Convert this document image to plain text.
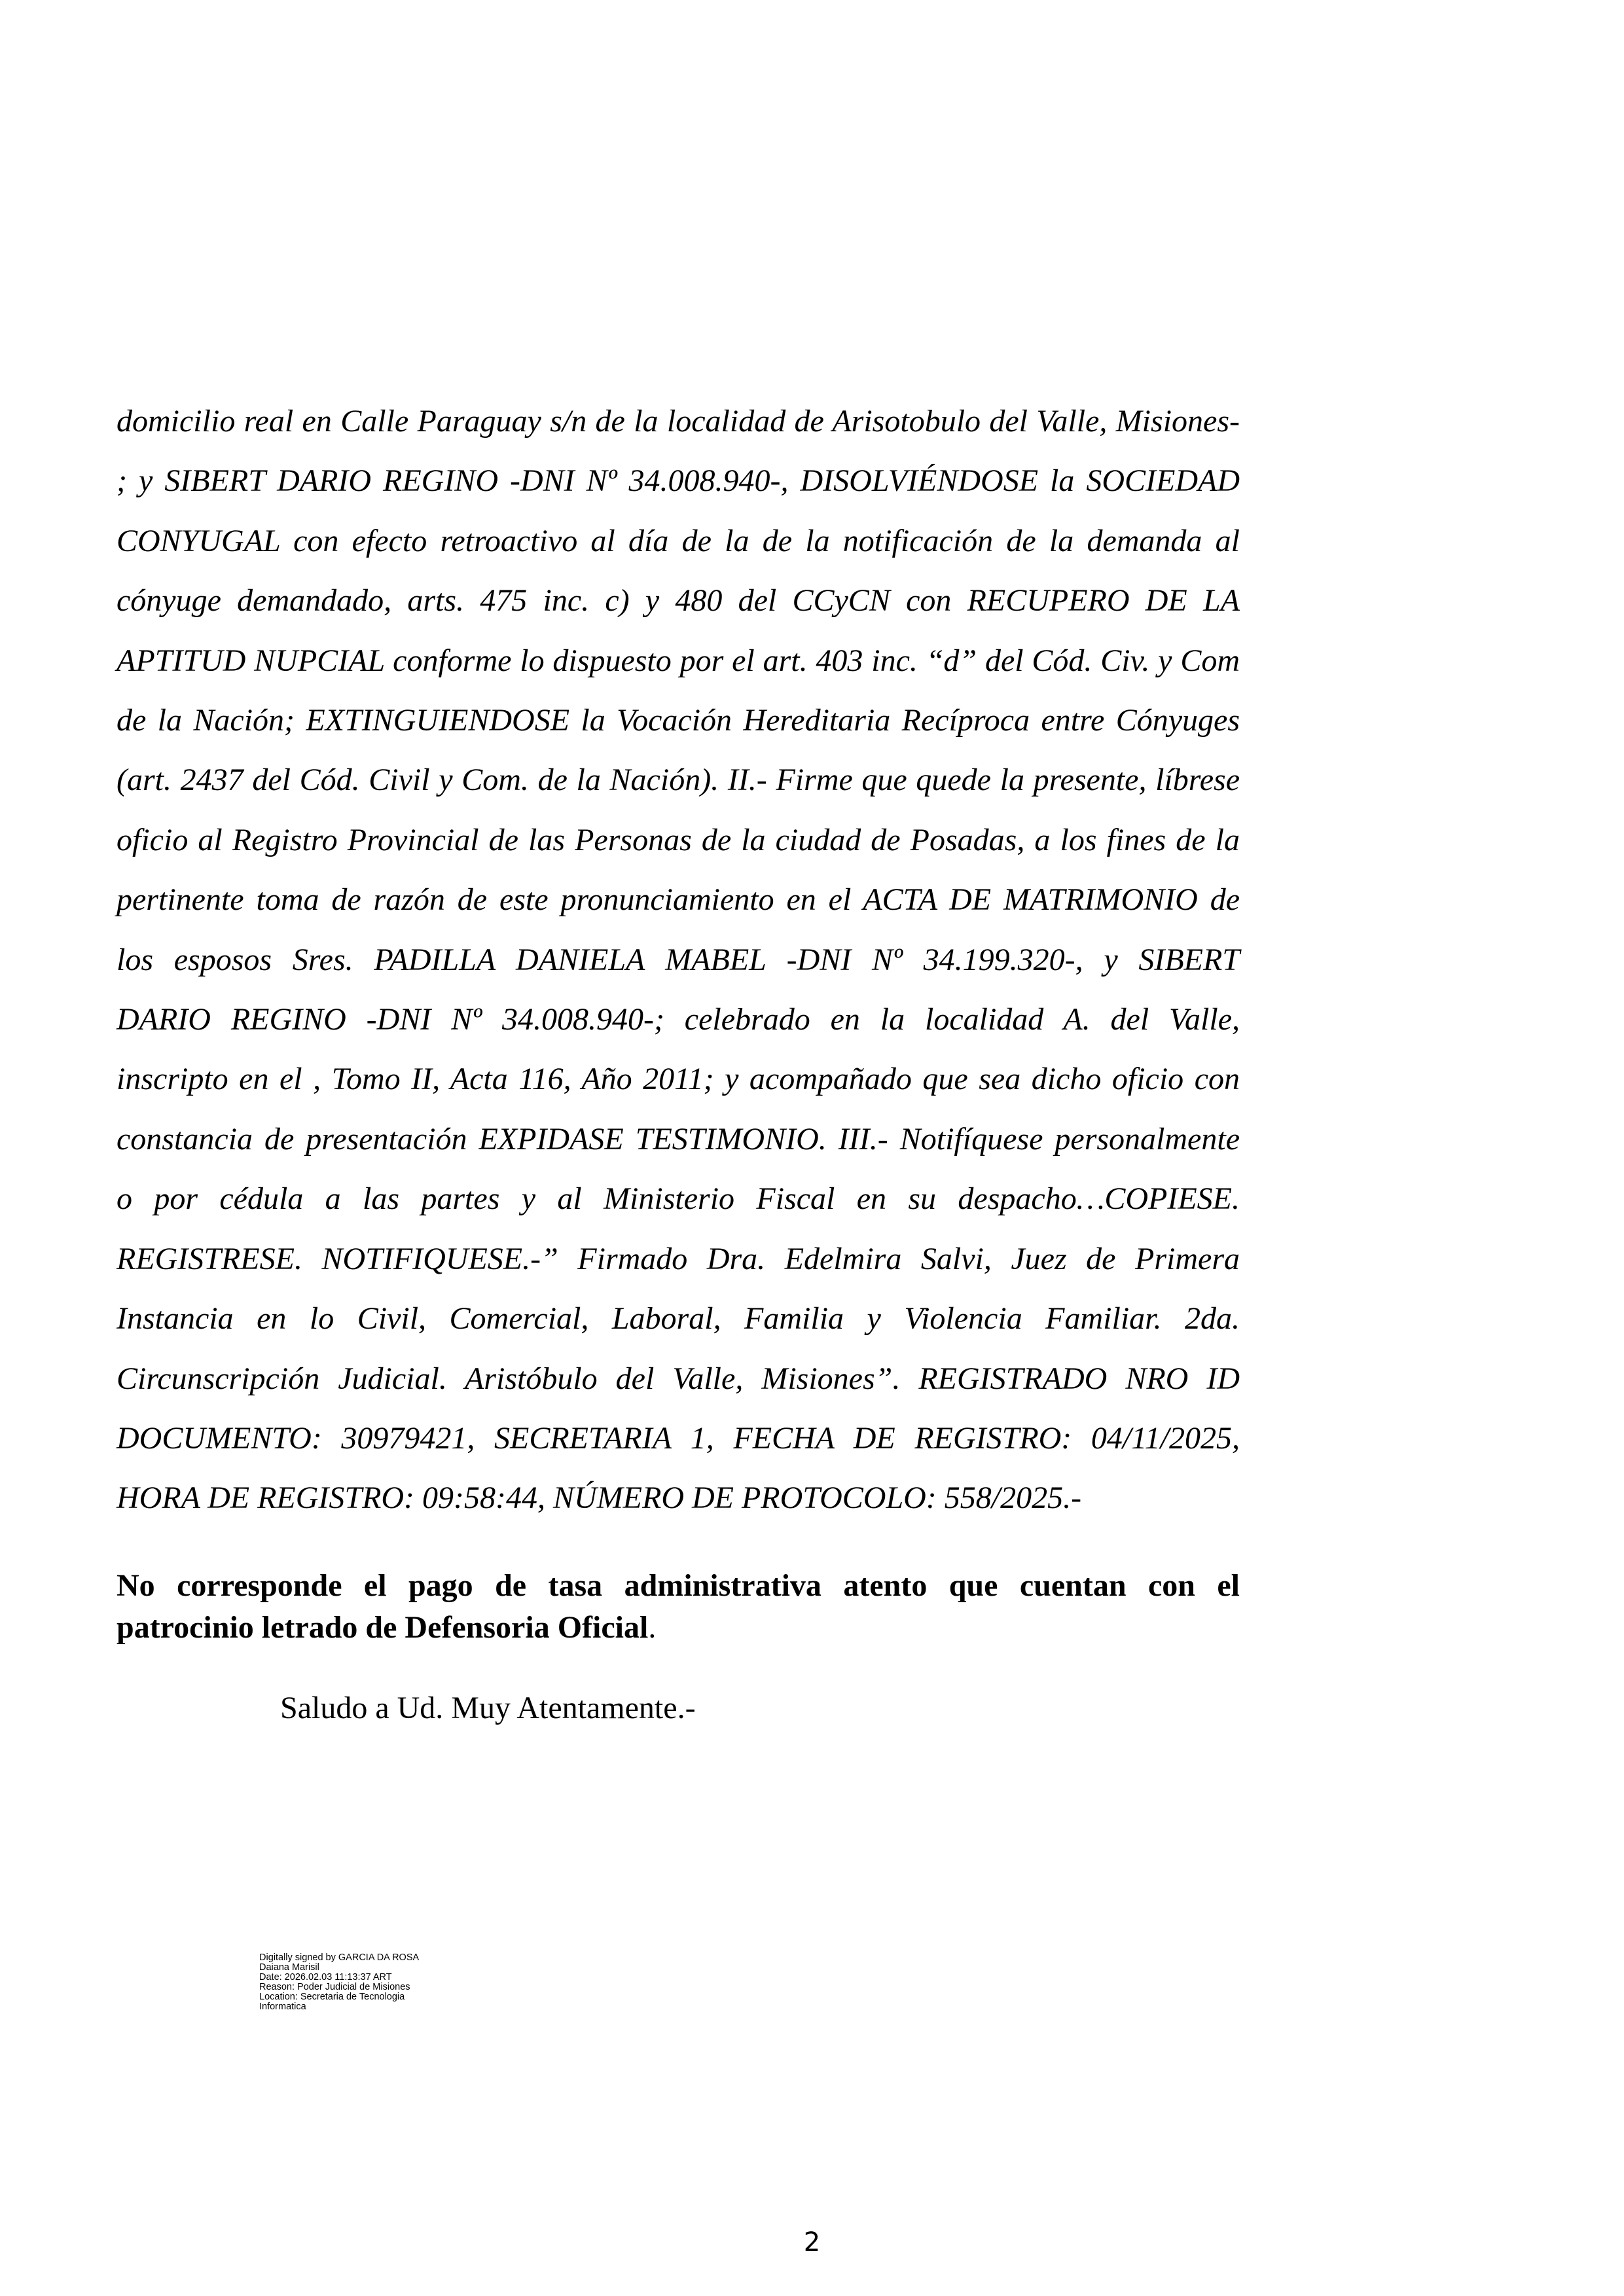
domicilio real en Calle Paraguay s/n de la localidad de Arisotobulo del Valle, Misiones-
; y SIBERT DARIO REGINO -DNI Nº 34.008.940-, DISOLVIÉNDOSE la SOCIEDAD
CONYUGAL con efecto retroactivo al día de la de la notificación de la demanda al
cónyuge demandado, arts. 475 inc. c) y 480 del CCyCN con RECUPERO DE LA
APTITUD NUPCIAL conforme lo dispuesto por el art. 403 inc. “d” del Cód. Civ. y Com
de la Nación; EXTINGUIENDOSE la Vocación Hereditaria Recíproca entre Cónyuges
(art. 2437 del Cód. Civil y Com. de la Nación). II.- Firme que quede la presente, líbrese
oficio al Registro Provincial de las Personas de la ciudad de Posadas, a los fines de la
pertinente toma de razón de este pronunciamiento en el ACTA DE MATRIMONIO de
los esposos Sres. PADILLA DANIELA MABEL -DNI Nº 34.199.320-, y SIBERT
DARIO REGINO -DNI Nº 34.008.940-; celebrado en la localidad A. del Valle,
inscripto en el , Tomo II, Acta 116, Año 2011; y acompañado que sea dicho oficio con
constancia de presentación EXPIDASE TESTIMONIO. III.- Notifíquese personalmente
o por cédula a las partes y al Ministerio Fiscal en su despacho…COPIESE.
REGISTRESE. NOTIFIQUESE.-” Firmado Dra. Edelmira Salvi, Juez de Primera
Instancia en lo Civil, Comercial, Laboral, Familia y Violencia Familiar. 2da.
Circunscripción Judicial. Aristóbulo del Valle, Misiones”. REGISTRADO NRO ID
DOCUMENTO: 30979421, SECRETARIA 1, FECHA DE REGISTRO: 04/11/2025,
HORA DE REGISTRO: 09:58:44, NÚMERO DE PROTOCOLO: 558/2025.-

No corresponde el pago de tasa administrativa atento que cuentan con el
patrocinio letrado de Defensoria Oficial.

Saludo a Ud. Muy Atentamente.-

Digitally signed by GARCIA DA ROSA
Daiana Marisil
Date: 2026.02.03 11:13:37 ART
Reason: Poder Judicial de Misiones
Location: Secretaria de Tecnologia
Informatica
2
